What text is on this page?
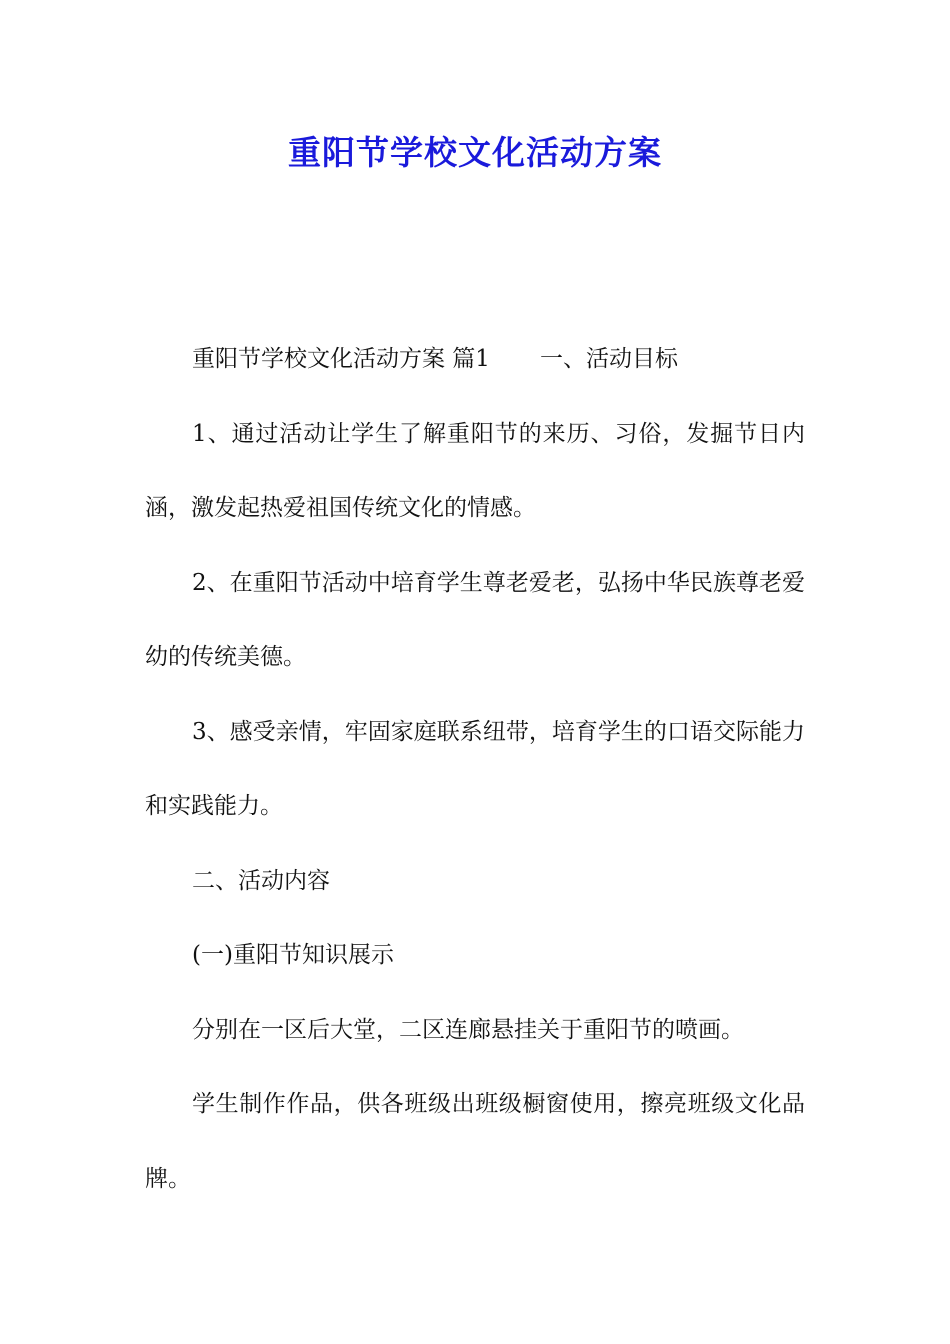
重阳节学校文化活动方案

重阳节学校文化活动方案 篇1 一、活动目标

1、通过活动让学生了解重阳节的来历、习俗，发掘节日内涵，激发起热爱祖国传统文化的情感。

2、在重阳节活动中培育学生尊老爱老，弘扬中华民族尊老爱幼的传统美德。

3、感受亲情，牢固家庭联系纽带，培育学生的口语交际能力和实践能力。

二、活动内容

(一)重阳节知识展示

分别在一区后大堂，二区连廊悬挂关于重阳节的喷画。

学生制作作品，供各班级出班级橱窗使用，擦亮班级文化品牌。
